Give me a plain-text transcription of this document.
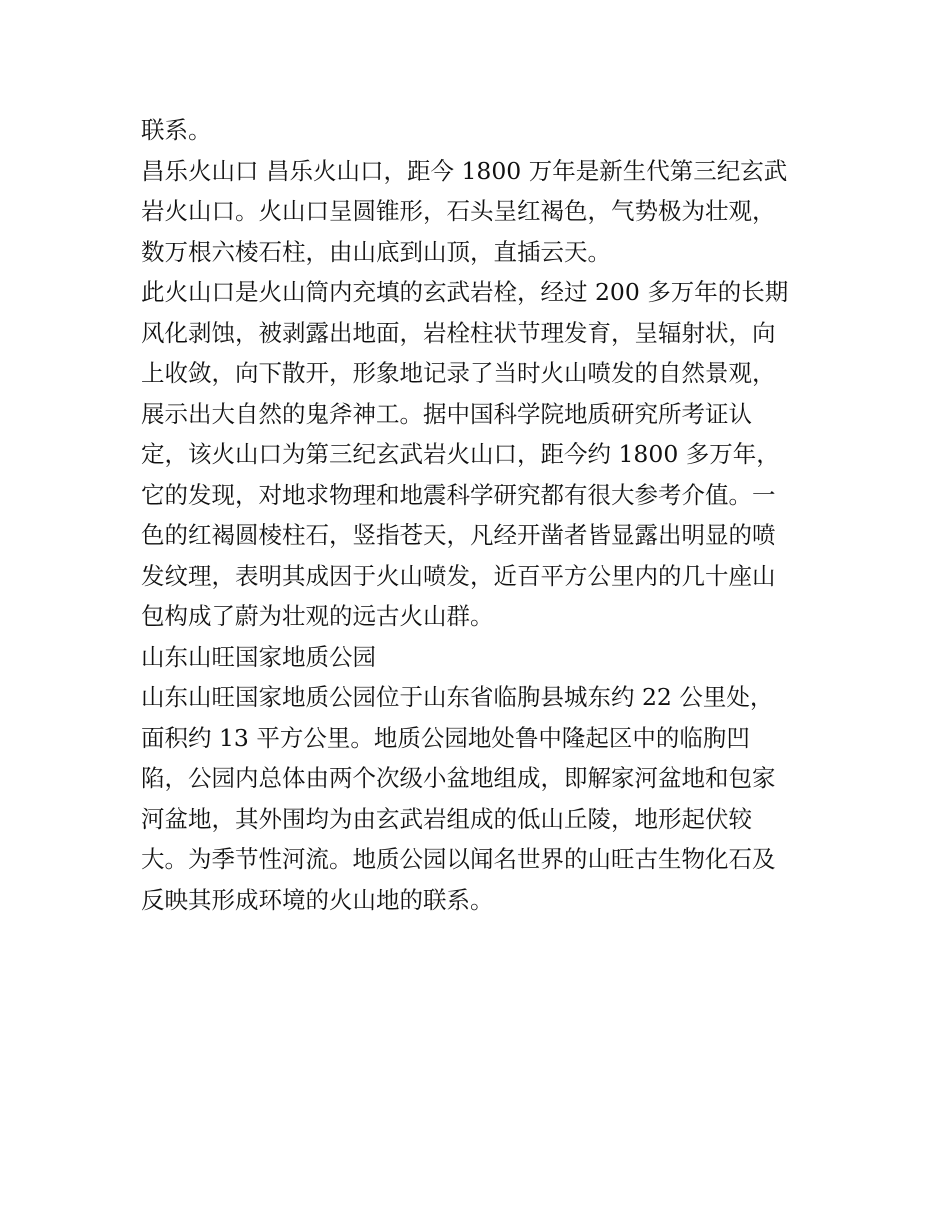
联系。

昌乐火山口 昌乐火山口，距今 1800 万年是新生代第三纪玄武
岩火山口。火山口呈圆锥形，石头呈红褐色，气势极为壮观，
数万根六棱石柱，由山底到山顶，直插云天。

此火山口是火山筒内充填的玄武岩栓，经过 200 多万年的长期
风化剥蚀，被剥露出地面，岩栓柱状节理发育，呈辐射状，向
上收敛，向下散开，形象地记录了当时火山喷发的自然景观，
展示出大自然的鬼斧神工。据中国科学院地质研究所考证认
定，该火山口为第三纪玄武岩火山口，距今约 1800 多万年，
它的发现，对地求物理和地震科学研究都有很大参考介值。一
色的红褐圆棱柱石，竖指苍天，凡经开凿者皆显露出明显的喷
发纹理，表明其成因于火山喷发，近百平方公里内的几十座山
包构成了蔚为壮观的远古火山群。

山东山旺国家地质公园

山东山旺国家地质公园位于山东省临朐县城东约 22 公里处，
面积约 13 平方公里。地质公园地处鲁中隆起区中的临朐凹
陷，公园内总体由两个次级小盆地组成，即解家河盆地和包家
河盆地，其外围均为由玄武岩组成的低山丘陵，地形起伏较
大。为季节性河流。地质公园以闻名世界的山旺古生物化石及
反映其形成环境的火山地的联系。
